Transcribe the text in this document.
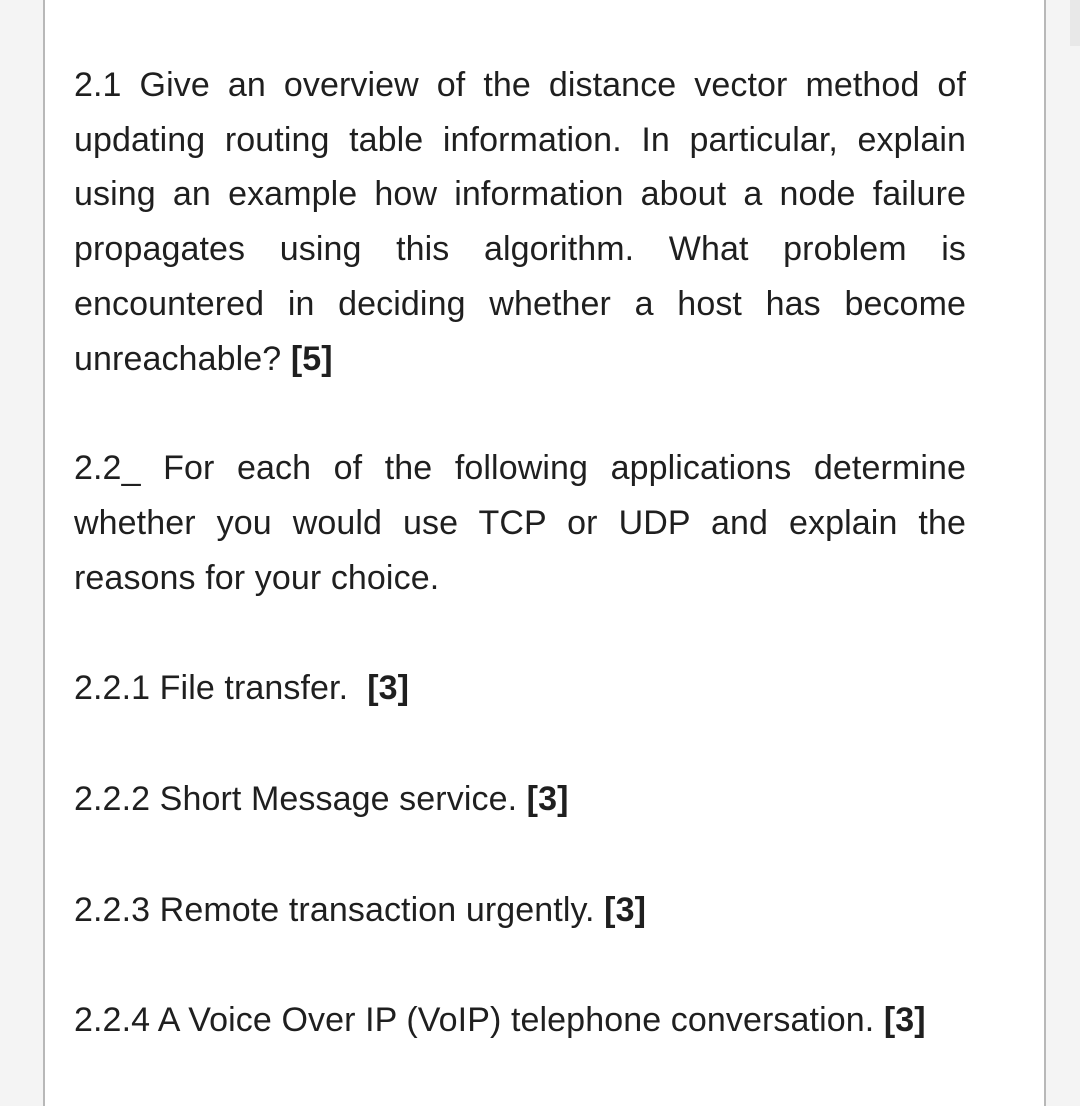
2.1 Give an overview of the distance vector method of updating routing table information. In particular, explain using an example how information about a node failure propagates using this algorithm. What problem is encountered in deciding whether a host has become unreachable? [5]

2.2_ For each of the following applications determine whether you would use TCP or UDP and explain the reasons for your choice.

2.2.1 File transfer. [3]

2.2.2 Short Message service. [3]

2.2.3 Remote transaction urgently. [3]

2.2.4 A Voice Over IP (VoIP) telephone conversation. [3]
